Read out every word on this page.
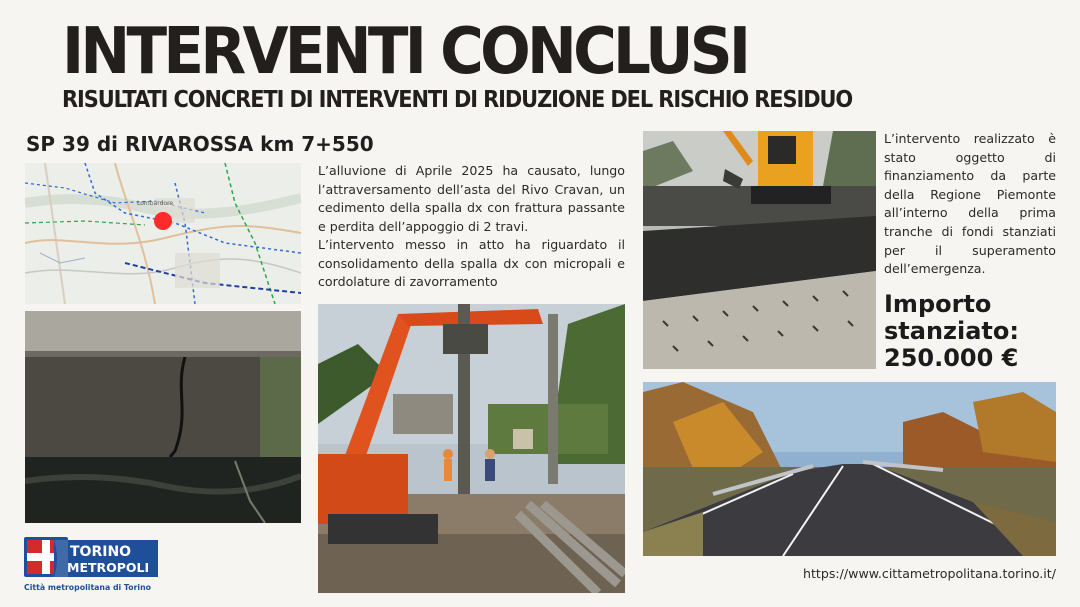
INTERVENTI CONCLUSI
RISULTATI CONCRETI DI INTERVENTI DI RIDUZIONE DEL RISCHIO RESIDUO
SP 39 di RIVAROSSA km 7+550
Lombardore
L’alluvione di Aprile 2025 ha causato, lungo l’attraversamento dell’asta del Rivo Cravan, un cedimento della spalla dx con frattura passante e perdita dell’appoggio di 2 travi.
L’intervento messo in atto ha riguardato il consolidamento della spalla dx con micropali e cordolature di zavorramento
L’intervento realizzato è stato oggetto di finanziamento da parte della Regione Piemonte all’interno della prima tranche di fondi stanziati per il superamento dell’emergenza.
Importo stanziato:
250.000 €
https://www.cittametropolitana.torino.it/
TORINO
METROPOLI
Città metropolitana di Torino
